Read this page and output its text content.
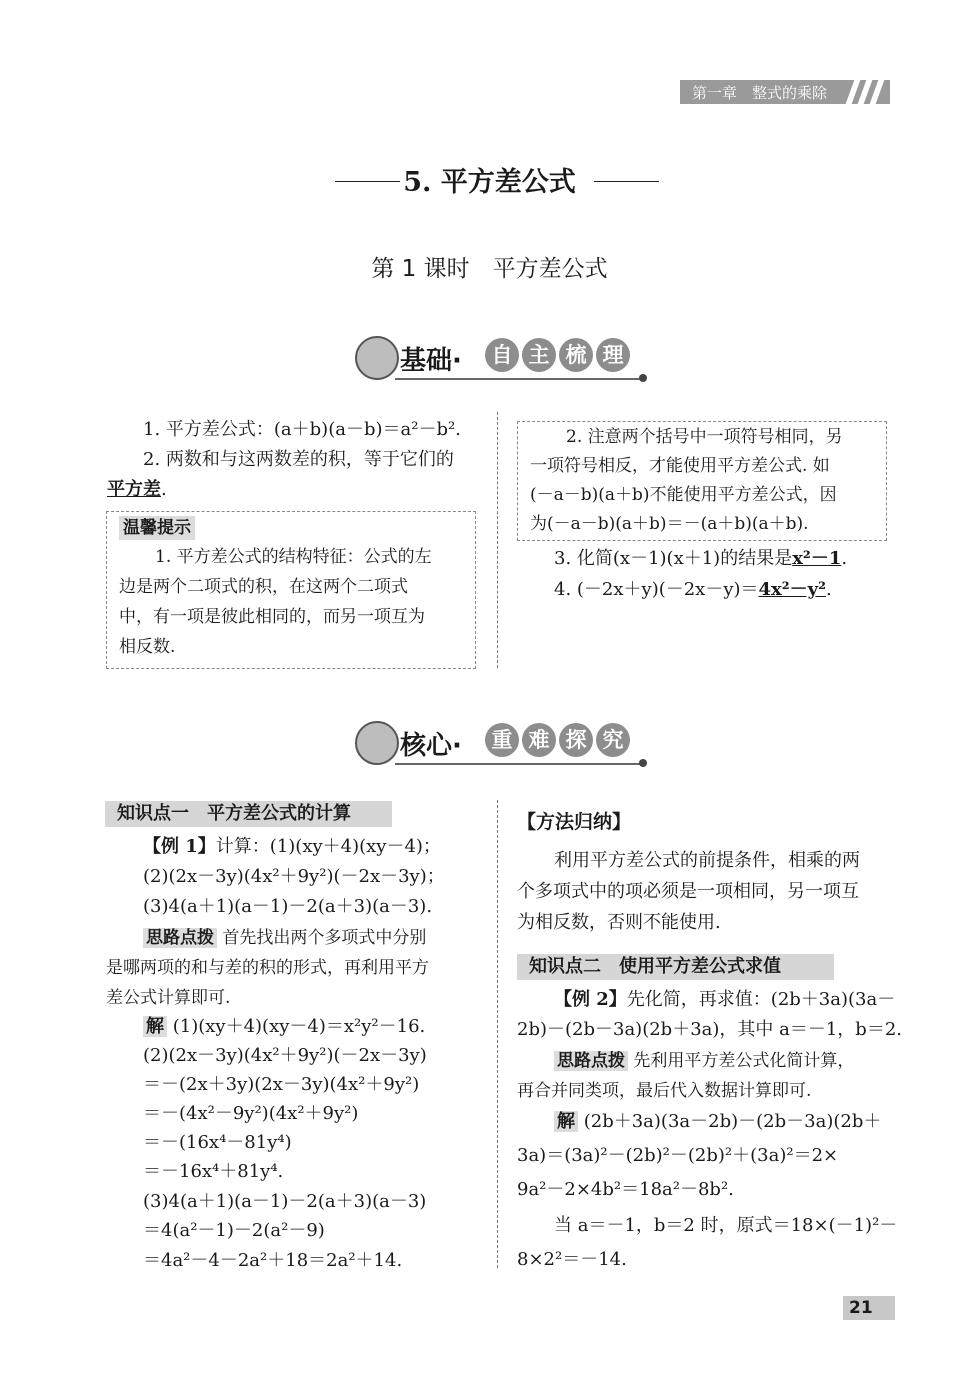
第一章　整式的乘除
5. 平方差公式
第 1 课时　平方差公式
基础·	自 主 梳 理
1. 平方差公式：(a＋b)(a－b)＝a²－b².
2. 两数和与这两数差的积，等于它们的
平方差.
温馨提示
1. 平方差公式的结构特征：公式的左
边是两个二项式的积，在这两个二项式
中，有一项是彼此相同的，而另一项互为
相反数.
2. 注意两个括号中一项符号相同，另
一项符号相反，才能使用平方差公式. 如
(－a－b)(a＋b)不能使用平方差公式，因
为(－a－b)(a＋b)＝－(a＋b)(a＋b).
3. 化简(x－1)(x＋1)的结果是x²－1.
4. (－2x＋y)(－2x－y)＝4x²－y².
核心·	重 难 探 究
知识点一　平方差公式的计算
【例 1】计算：(1)(xy＋4)(xy－4)；
(2)(2x－3y)(4x²＋9y²)(－2x－3y)；
(3)4(a＋1)(a－1)－2(a＋3)(a－3).
思路点拨 首先找出两个多项式中分别
是哪两项的和与差的积的形式，再利用平方
差公式计算即可.
解 (1)(xy＋4)(xy－4)＝x²y²－16.
(2)(2x－3y)(4x²＋9y²)(－2x－3y)
＝－(2x＋3y)(2x－3y)(4x²＋9y²)
＝－(4x²－9y²)(4x²＋9y²)
＝－(16x⁴－81y⁴)
＝－16x⁴＋81y⁴.
(3)4(a＋1)(a－1)－2(a＋3)(a－3)
＝4(a²－1)－2(a²－9)
＝4a²－4－2a²＋18＝2a²＋14.
【方法归纳】
利用平方差公式的前提条件，相乘的两
个多项式中的项必须是一项相同，另一项互
为相反数，否则不能使用.
知识点二　使用平方差公式求值
【例 2】先化简，再求值：(2b＋3a)(3a－
2b)－(2b－3a)(2b＋3a)，其中 a＝－1，b＝2.
思路点拨 先利用平方差公式化简计算，
再合并同类项，最后代入数据计算即可.
解 (2b＋3a)(3a－2b)－(2b－3a)(2b＋
3a)＝(3a)²－(2b)²－(2b)²＋(3a)²＝2×
9a²－2×4b²＝18a²－8b².
当 a＝－1，b＝2 时，原式＝18×(－1)²－
8×2²＝－14.
21
